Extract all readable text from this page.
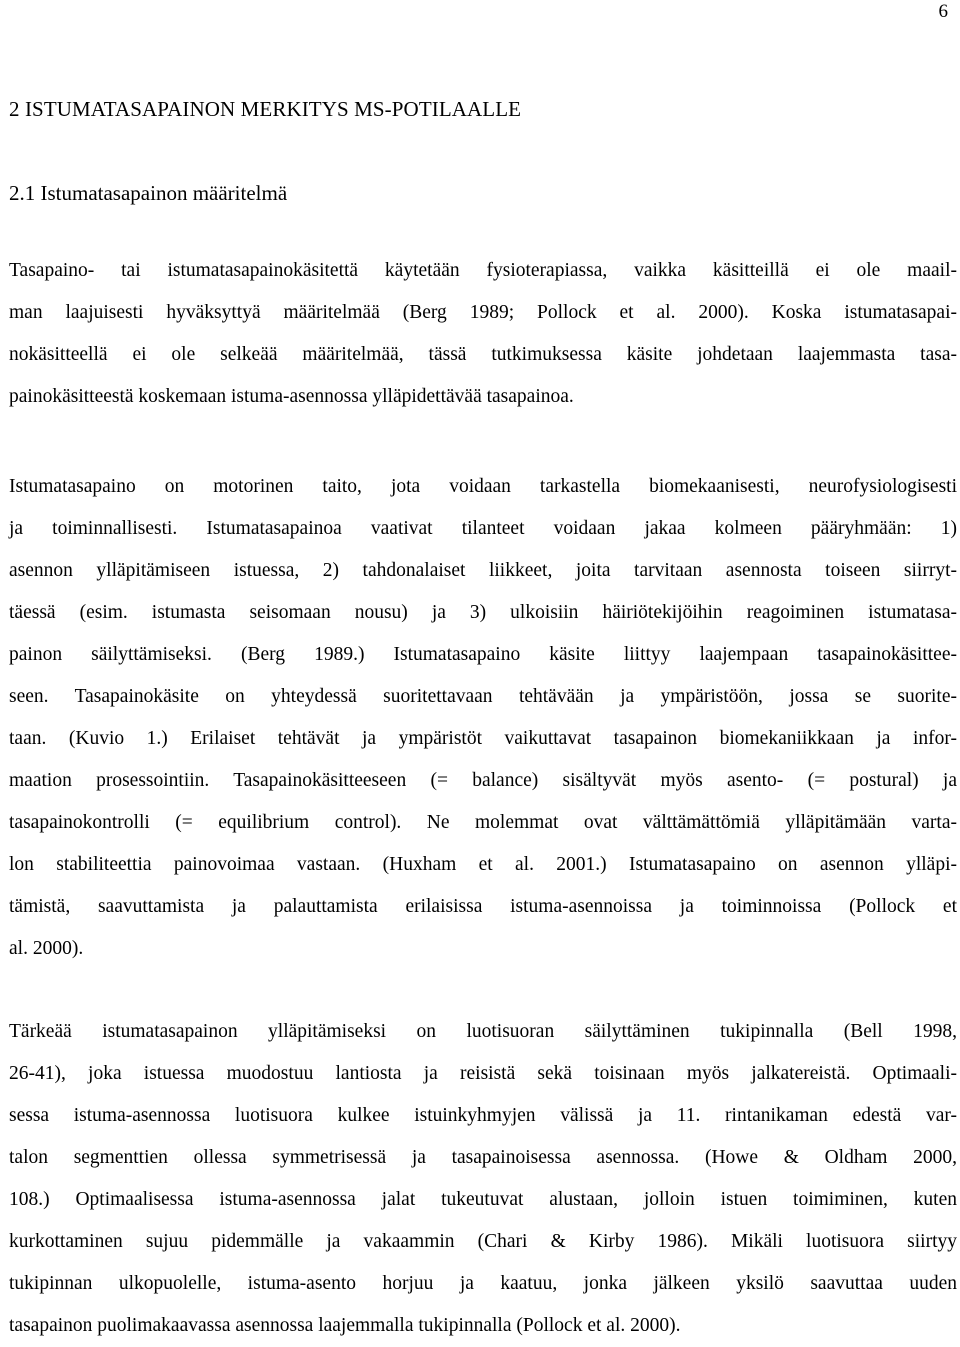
6
2 ISTUMATASAPAINON MERKITYS MS-POTILAALLE
2.1 Istumatasapainon määritelmä

Tasapaino- tai istumatasapainokäsitettä käytetään fysioterapiassa, vaikka käsitteillä ei ole maail-
man laajuisesti hyväksyttyä määritelmää (Berg 1989; Pollock et al. 2000). Koska istumatasapai-
nokäsitteellä ei ole selkeää määritelmää, tässä tutkimuksessa käsite johdetaan laajemmasta tasa-
painokäsitteestä koskemaan istuma-asennossa ylläpidettävää tasapainoa.

Istumatasapaino on motorinen taito, jota voidaan tarkastella biomekaanisesti, neurofysiologisesti
ja toiminnallisesti. Istumatasapainoa vaativat tilanteet voidaan jakaa kolmeen pääryhmään: 1)
asennon ylläpitämiseen istuessa, 2) tahdonalaiset liikkeet, joita tarvitaan asennosta toiseen siirryt-
täessä (esim. istumasta seisomaan nousu) ja 3) ulkoisiin häiriötekijöihin reagoiminen istumatasa-
painon säilyttämiseksi. (Berg 1989.) Istumatasapaino käsite liittyy laajempaan tasapainokäsittee-
seen. Tasapainokäsite on yhteydessä suoritettavaan tehtävään ja ympäristöön, jossa se suorite-
taan. (Kuvio 1.) Erilaiset tehtävät ja ympäristöt vaikuttavat tasapainon biomekaniikkaan ja infor-
maation prosessointiin. Tasapainokäsitteeseen (= balance) sisältyvät myös asento- (= postural) ja
tasapainokontrolli (= equilibrium control). Ne molemmat ovat välttämättömiä ylläpitämään varta-
lon stabiliteettia painovoimaa vastaan. (Huxham et al. 2001.) Istumatasapaino on asennon ylläpi-
tämistä, saavuttamista ja palauttamista erilaisissa istuma-asennoissa ja toiminnoissa (Pollock et
al. 2000).

Tärkeää istumatasapainon ylläpitämiseksi on luotisuoran säilyttäminen tukipinnalla (Bell 1998,
26-41), joka istuessa muodostuu lantiosta ja reisistä sekä toisinaan myös jalkatereistä. Optimaali-
sessa istuma-asennossa luotisuora kulkee istuinkyhmyjen välissä ja 11. rintanikaman edestä var-
talon segmenttien ollessa symmetrisessä ja tasapainoisessa asennossa. (Howe & Oldham 2000,
108.) Optimaalisessa istuma-asennossa jalat tukeutuvat alustaan, jolloin istuen toimiminen, kuten
kurkottaminen sujuu pidemmälle ja vakaammin (Chari & Kirby 1986). Mikäli luotisuora siirtyy
tukipinnan ulkopuolelle, istuma-asento horjuu ja kaatuu, jonka jälkeen yksilö saavuttaa uuden
tasapainon puolimakaavassa asennossa laajemmalla tukipinnalla (Pollock et al. 2000).
